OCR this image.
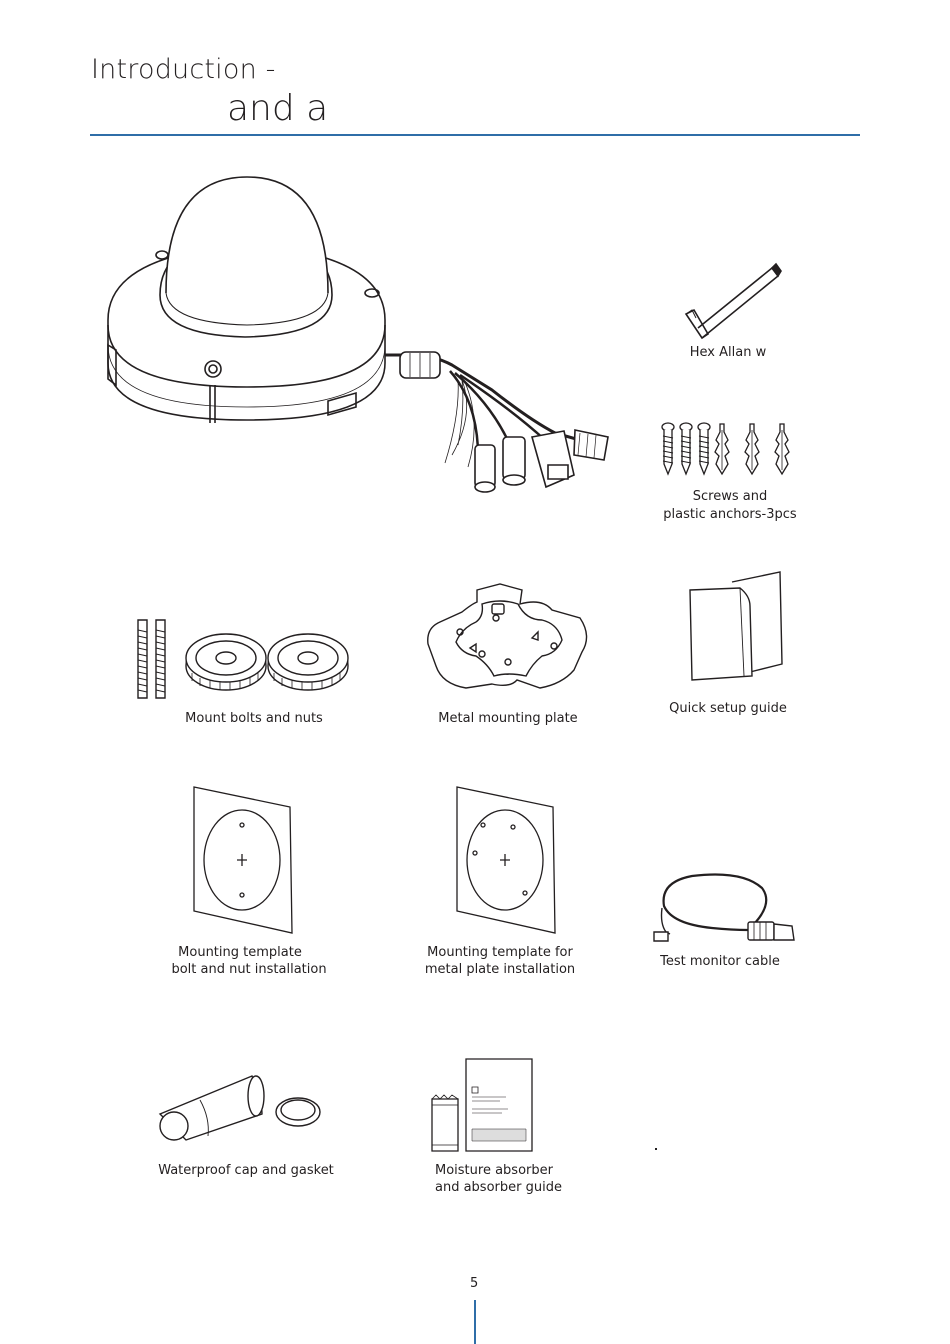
Introduction -
and a
Hex Allan w
Screws and
plastic anchors-3pcs
Mount bolts and nuts	Metal mounting plate
Quick setup guide
Mounting template
bolt and nut installation
Mounting template for
metal plate installation
Test monitor cable
Waterproof cap and gasket	Moisture absorber
and absorber guide
5
